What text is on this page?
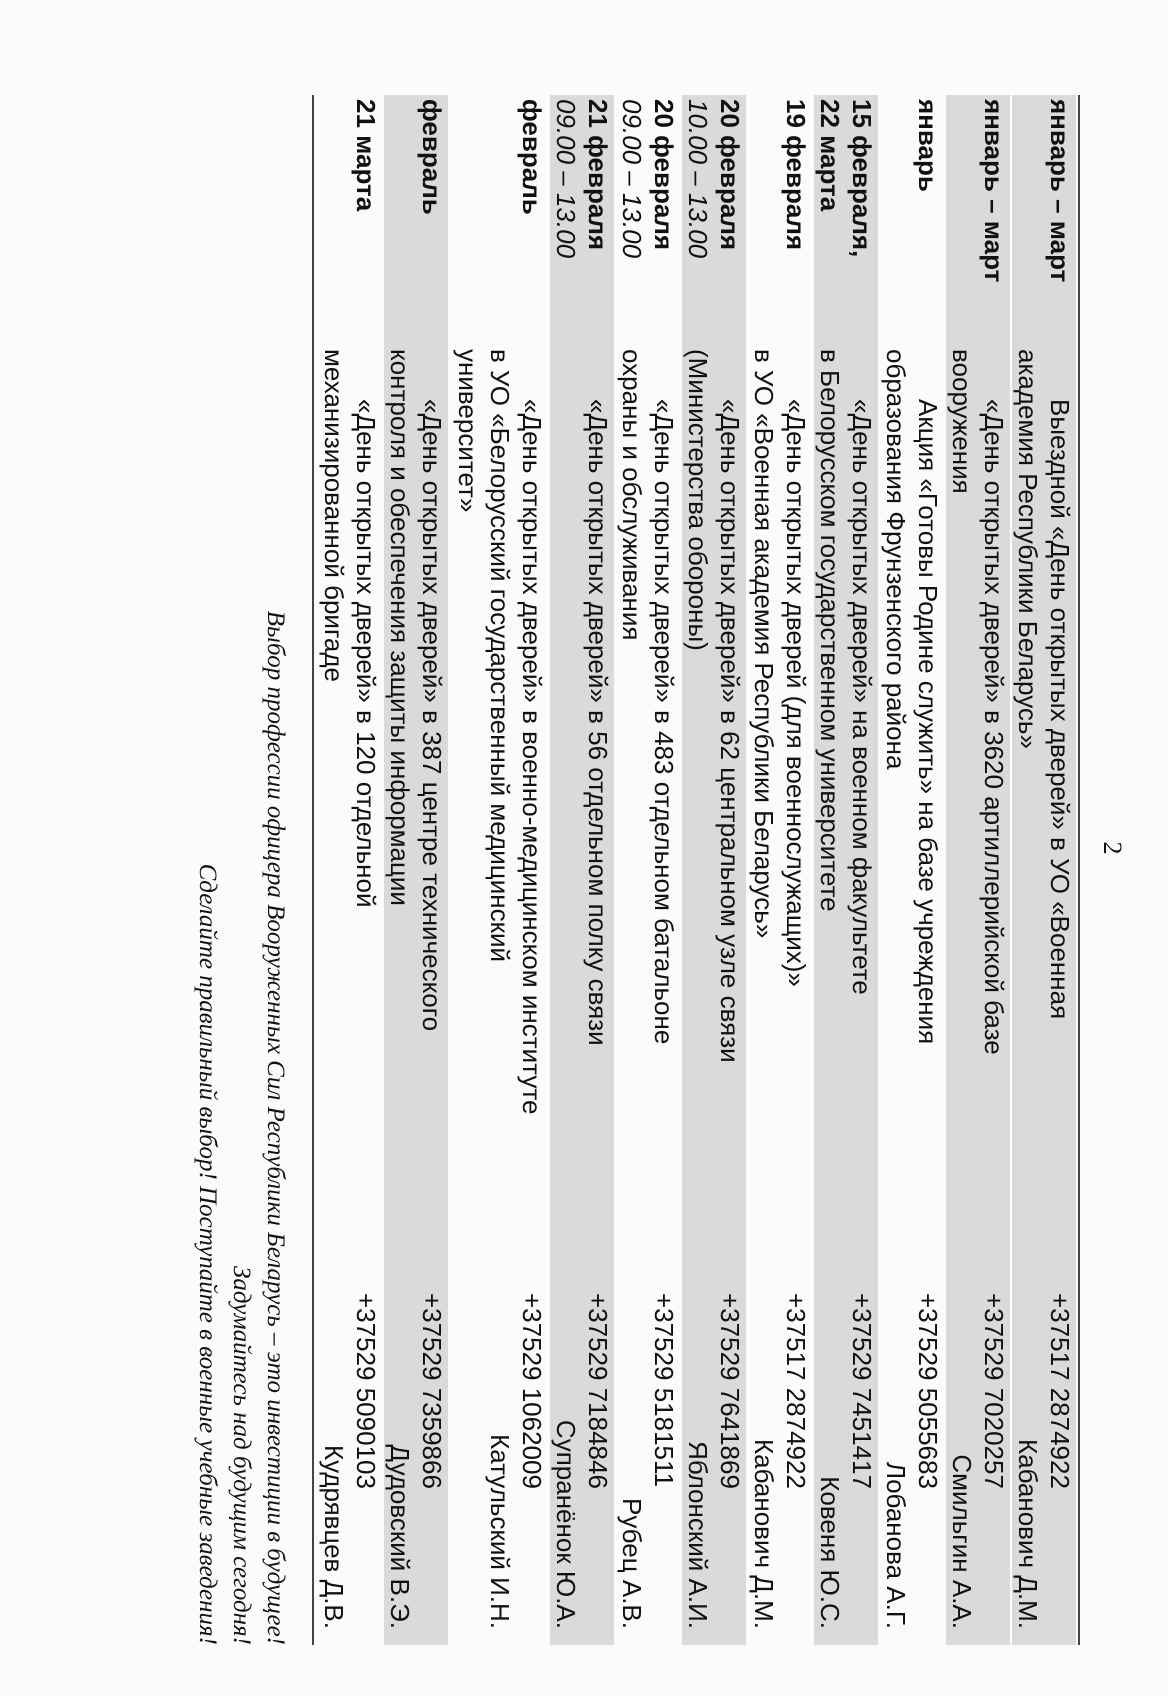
2
январь – март
Выездной «День открытых дверей» в УО «Военная
академия Республики Беларусь»
+37517 2874922
Кабанович Д.М.
январь – март
«День открытых дверей» в 3620 артиллерийской базе
вооружения
+37529 7020257
Смильгин А.А.
январь
Акция «Готовы Родине служить» на базе учреждения
образования Фрунзенского района
+37529 5055683
Лобанова А.Г.
15 февраля,
22 марта
«День открытых дверей» на военном факультете
в Белорусском государственном университете
+37529 7451417
Ковеня Ю.С.
19 февраля
«День открытых дверей (для военнослужащих)»
в УО «Военная академия Республики Беларусь»
+37517 2874922
Кабанович Д.М.
20 февраля
10.00 – 13.00
«День открытых дверей» в 62 центральном узле связи
(Министерства обороны)
+37529 7641869
Яблонский А.И.
20 февраля
09.00 – 13.00
«День открытых дверей» в 483 отдельном батальоне
охраны и обслуживания
+37529 5181511
Рубец А.В.
21 февраля
09.00 – 13.00
«День открытых дверей» в 56 отдельном полку связи
+37529 7184846
Супранёнок Ю.А.
февраль
«День открытых дверей» в военно-медицинском институте
в УО «Белорусский государственный медицинский
университет»
+37529 1062009
Катульский И.Н.
февраль
«День открытых дверей» в 387 центре технического
контроля и обеспечения защиты информации
+37529 7359866
Дудовский В.Э.
21 марта
«День открытых дверей» в 120 отдельной
механизированной бригаде
+37529 5090103
Кудрявцев Д.В.
Выбор профессии офицера Вооруженных Сил Республики Беларусь – это инвестиции в будущее!
Задумайтесь над будущим сегодня!
Сделайте правильный выбор! Поступайте в военные учебные заведения!
